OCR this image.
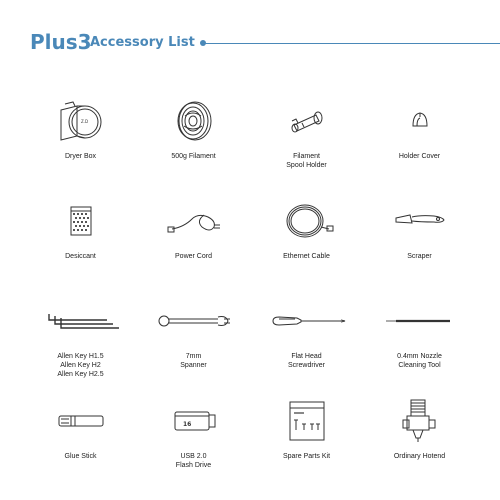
Plus3
Accessory List
Z.D
Dryer Box	500g Filament	Filament
Spool Holder
Holder Cover
Desiccant	Power Cord	Ethernet Cable	Scraper
Allen Key H1.5
Allen Key H2
Allen Key H2.5
7mm
Spanner
Flat Head
Screwdriver
0.4mm Nozzle
Cleaning Tool
Glue Stick
16
USB 2.0
Flash Drive
Spare Parts Kit	Ordinary Hotend
